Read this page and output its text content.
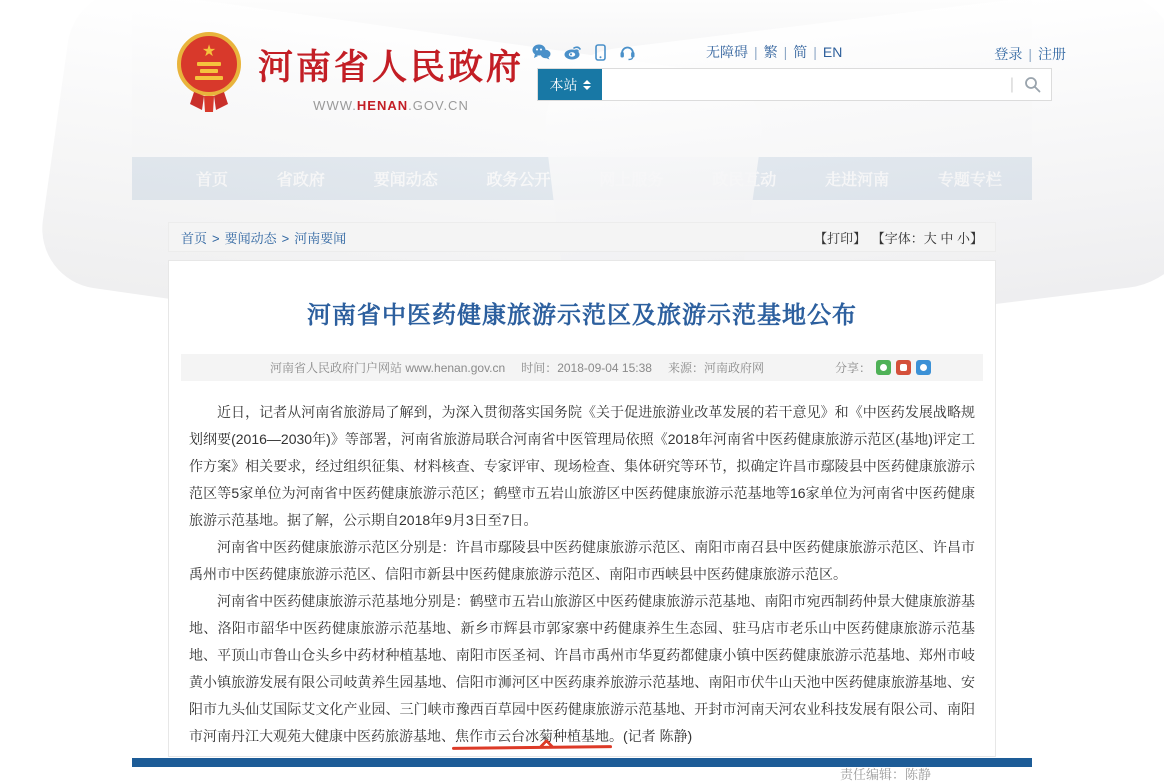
★ 河南省人民政府
WWW.HENAN.GOV.CN
无障碍 | 繁 | 简 | EN	登录 | 注册
本站	|
首页 > 要闻动态 > 河南要闻	【打印】 【字体：大 中 小】
河南省中医药健康旅游示范区及旅游示范基地公布
河南省人民政府门户网站 www.henan.gov.cn 时间：2018-09-04 15:38 来源：河南政府网	分享：

近日，记者从河南省旅游局了解到，为深入贯彻落实国务院《关于促进旅游业改革发展的若干意见》和《中医药发展战略规划纲要(2016—2030年)》等部署，河南省旅游局联合河南省中医管理局依照《2018年河南省中医药健康旅游示范区(基地)评定工作方案》相关要求，经过组织征集、材料核查、专家评审、现场检查、集体研究等环节，拟确定许昌市鄢陵县中医药健康旅游示范区等5家单位为河南省中医药健康旅游示范区；鹤壁市五岩山旅游区中医药健康旅游示范基地等16家单位为河南省中医药健康旅游示范基地。据了解，公示期自2018年9月3日至7日。

河南省中医药健康旅游示范区分别是：许昌市鄢陵县中医药健康旅游示范区、南阳市南召县中医药健康旅游示范区、许昌市禹州市中医药健康旅游示范区、信阳市新县中医药健康旅游示范区、南阳市西峡县中医药健康旅游示范区。

河南省中医药健康旅游示范基地分别是：鹤壁市五岩山旅游区中医药健康旅游示范基地、南阳市宛西制药仲景大健康旅游基地、洛阳市韶华中医药健康旅游示范基地、新乡市辉县市郭家寨中药健康养生生态园、驻马店市老乐山中医药健康旅游示范基地、平顶山市鲁山仓头乡中药材种植基地、南阳市医圣祠、许昌市禹州市华夏药都健康小镇中医药健康旅游示范基地、郑州市岐黄小镇旅游发展有限公司岐黄养生园基地、信阳市浉河区中医药康养旅游示范基地、南阳市伏牛山天池中医药健康旅游基地、安阳市九头仙艾国际艾文化产业园、三门峡市豫西百草园中医药健康旅游示范基地、开封市河南天河农业科技发展有限公司、南阳市河南丹江大观苑大健康中医药旅游基地、焦作市云台冰菊种植基地。(记者 陈静)

责任编辑：陈静
